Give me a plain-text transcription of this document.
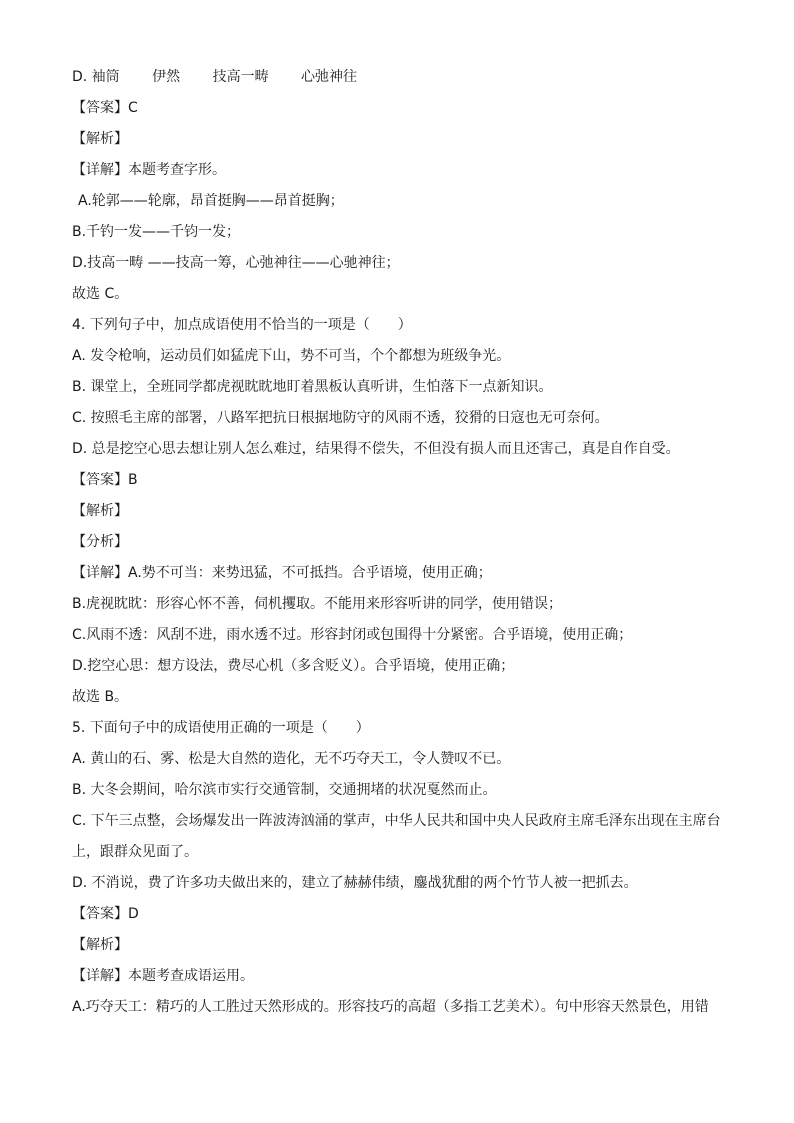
D. 袖筒 伊然 技高一畴 心弛神往
【答案】C
【解析】
【详解】本题考查字形。
A.轮郭——轮廓，昂首挺胸——昂首挺胸；
B.千钓一发——千钧一发；
D.技高一畴 ——技高一筹，心弛神往——心驰神往；
故选 C。
4. 下列句子中，加点成语使用不恰当的一项是（　　）
A. 发令枪响，运动员们如猛虎下山，势不可当，个个都想为班级争光。
B. 课堂上，全班同学都虎视眈眈地盯着黑板认真听讲，生怕落下一点新知识。
C. 按照毛主席的部署，八路军把抗日根据地防守的风雨不透，狡猾的日寇也无可奈何。
D. 总是挖空心思去想让别人怎么难过，结果得不偿失，不但没有损人而且还害己，真是自作自受。
【答案】B
【解析】
【分析】
【详解】A.势不可当：来势迅猛，不可抵挡。合乎语境，使用正确；
B.虎视眈眈：形容心怀不善，伺机攫取。不能用来形容听讲的同学，使用错误；
C.风雨不透：风刮不进，雨水透不过。形容封闭或包围得十分紧密。合乎语境，使用正确；
D.挖空心思：想方设法，费尽心机（多含贬义）。合乎语境，使用正确；
故选 B。
5. 下面句子中的成语使用正确的一项是（　　）
A. 黄山的石、雾、松是大自然的造化，无不巧夺天工，令人赞叹不已。
B. 大冬会期间，哈尔滨市实行交通管制，交通拥堵的状况戛然而止。
C. 下午三点整，会场爆发出一阵波涛汹涌的掌声，中华人民共和国中央人民政府主席毛泽东出现在主席台上，跟群众见面了。
D. 不消说，费了许多功夫做出来的，建立了赫赫伟绩，鏖战犹酣的两个竹节人被一把抓去。
【答案】D
【解析】
【详解】本题考查成语运用。
A.巧夺天工：精巧的人工胜过天然形成的。形容技巧的高超（多指工艺美术）。句中形容天然景色，用错
